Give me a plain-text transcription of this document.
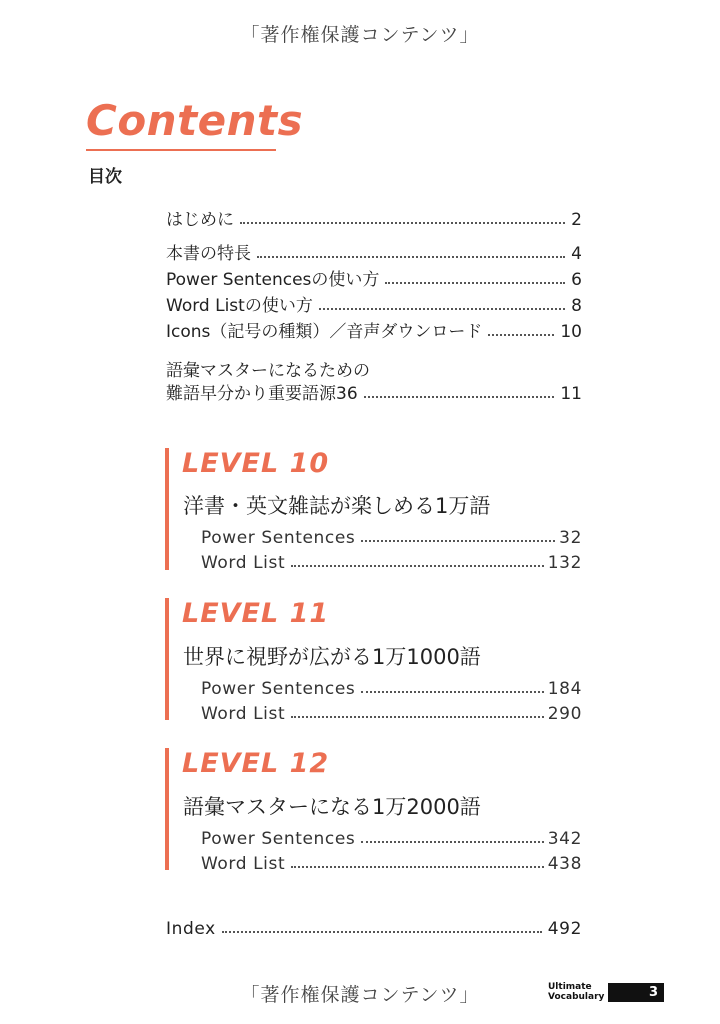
「著作権保護コンテンツ」
Contents
目次
はじめに	2
本書の特長	4
Power Sentencesの使い方	6
Word Listの使い方	8
Icons（記号の種類）／音声ダウンロード	10
語彙マスターになるための
難語早分かり重要語源36	11
LEVEL 10
洋書・英文雑誌が楽しめる1万語
Power Sentences	32
Word List	132
LEVEL 11
世界に視野が広がる1万1000語
Power Sentences	184
Word List	290
LEVEL 12
語彙マスターになる1万2000語
Power Sentences	342
Word List	438
Index	492
「著作権保護コンテンツ」	Ultimate
Vocabulary	3
